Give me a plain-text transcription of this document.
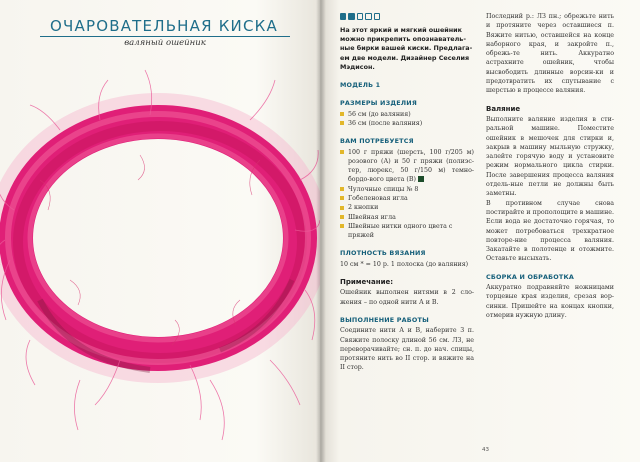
ОЧАРОВАТЕЛЬНАЯ КИСКА
валяный ошейник

На этот яркий и мягкий ошейник можно прикрепить опознаватель-ные бирки вашей киски. Предлага-ем две модели. Дизайнер Сеселия Мэдисон.

МОДЕЛЬ 1
РАЗМЕРЫ ИЗДЕЛИЯ

56 см (до валяния)

36 см (после валяния)

ВАМ ПОТРЕБУЕТСЯ

100 г пряжи (шерсть, 100 г/205 м) розового (А) и 50 г пряжи (полиэс-тер, люрекс, 50 г/150 м) темно-бордо-вого цвета (В)

Чулочные спицы № 8

Гобеленовая игла

2 кнопки

Швейная игла

Швейные нитки одного цвета с пряжей

ПЛОТНОСТЬ ВЯЗАНИЯ

10 см * = 10 р. 1 полоска (до валяния)

Примечание:

Ошейник выполнен нитями в 2 сло-жения – по одной нити А и В.

ВЫПОЛНЕНИЕ РАБОТЫ

Соедините нити А и В, наберите 3 п. Свяжите полоску длиной 56 см. ЛЗ, не переворачивайте; сн. п. до нач. спицы, протяните нить во II стор. и вяжите на II стор.

Последний р.: ЛЗ пн.; обрежьте нить и протяните через оставшиеся п. Вяжите нитью, оставшейся на конце наборного края, и закройте п., обрежь-те нить. Аккуратно астрахните ошейник, чтобы высвободить длинные ворсин-ки и предотвратить их спутывание с шерстью в процессе валяния.

Валяние

Выполните валяние изделия в сти-ральной машине. Поместите ошейник в мешочек для стирки и, закрыв в машину мыльную стружку, залейте горячую воду и установите режим нормального цикла стирки. После завершения процесса валяния отдель-ные петли не должны быть заметны.

В противном случае снова постирайте и прополощите в машине. Если вода не достаточно горячая, то может потребоваться трехкратное повторе-ние процесса валяния. Закатайте в полотенце и отожмите. Оставьте высыхать.

СБОРКА И ОБРАБОТКА

Аккуратно подравняйте ножницами торцевые края изделия, срезая вор-синки. Пришейте на концах кнопки, отмерив нужную длину.

43
